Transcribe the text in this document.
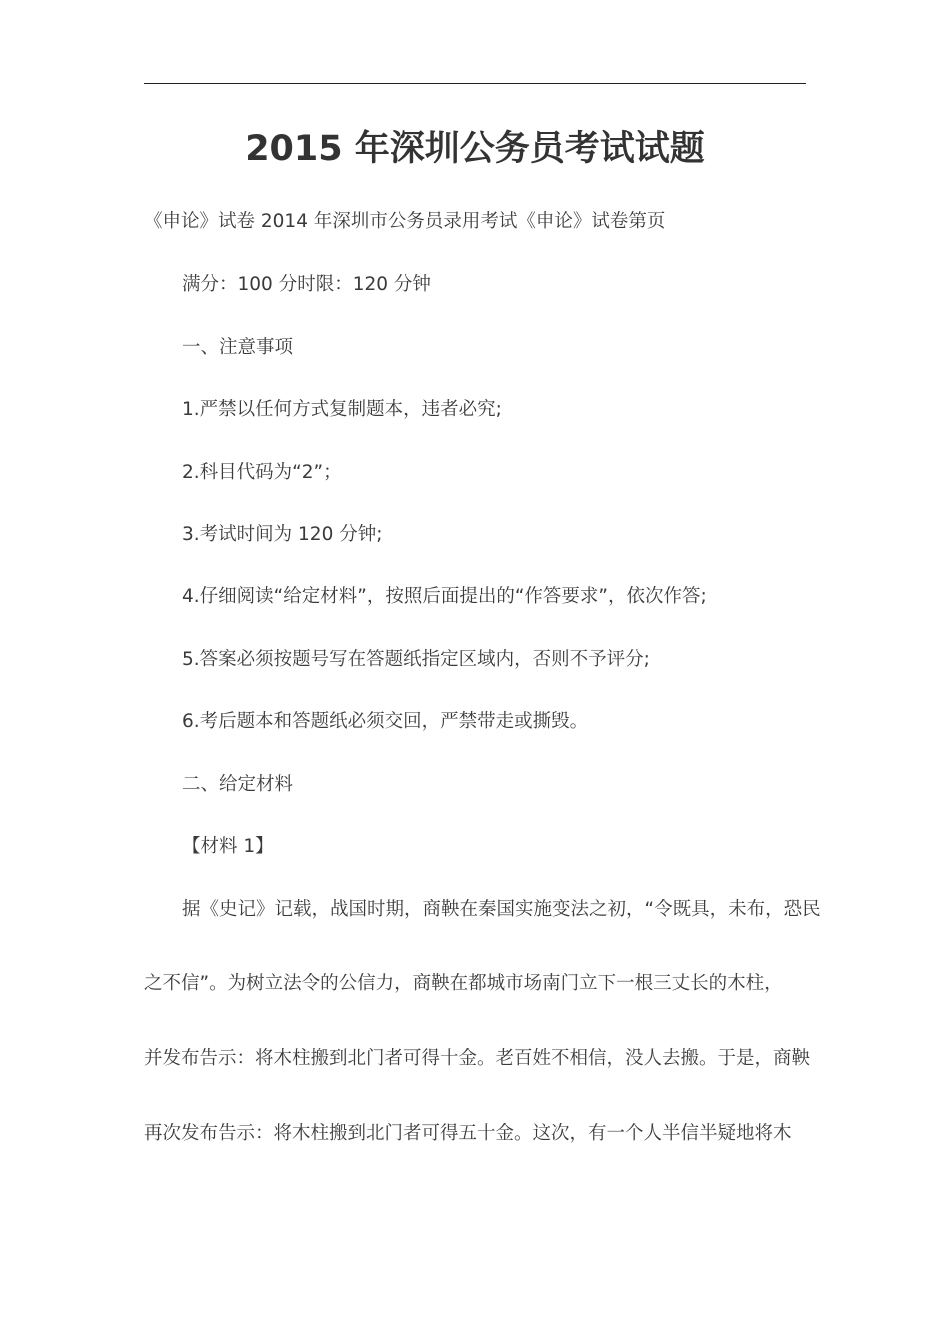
2015 年深圳公务员考试试题
《申论》试卷 2014 年深圳市公务员录用考试《申论》试卷第页
满分：100 分时限：120 分钟
一、注意事项
1.严禁以任何方式复制题本，违者必究;
2.科目代码为“2”；
3.考试时间为 120 分钟;
4.仔细阅读“给定材料”，按照后面提出的“作答要求”，依次作答;
5.答案必须按题号写在答题纸指定区域内，否则不予评分;
6.考后题本和答题纸必须交回，严禁带走或撕毁。
二、给定材料
【材料 1】
据《史记》记载，战国时期，商鞅在秦国实施变法之初，“令既具，未布，恐民
之不信”。为树立法令的公信力，商鞅在都城市场南门立下一根三丈长的木柱，
并发布告示：将木柱搬到北门者可得十金。老百姓不相信，没人去搬。于是，商鞅
再次发布告示：将木柱搬到北门者可得五十金。这次，有一个人半信半疑地将木
